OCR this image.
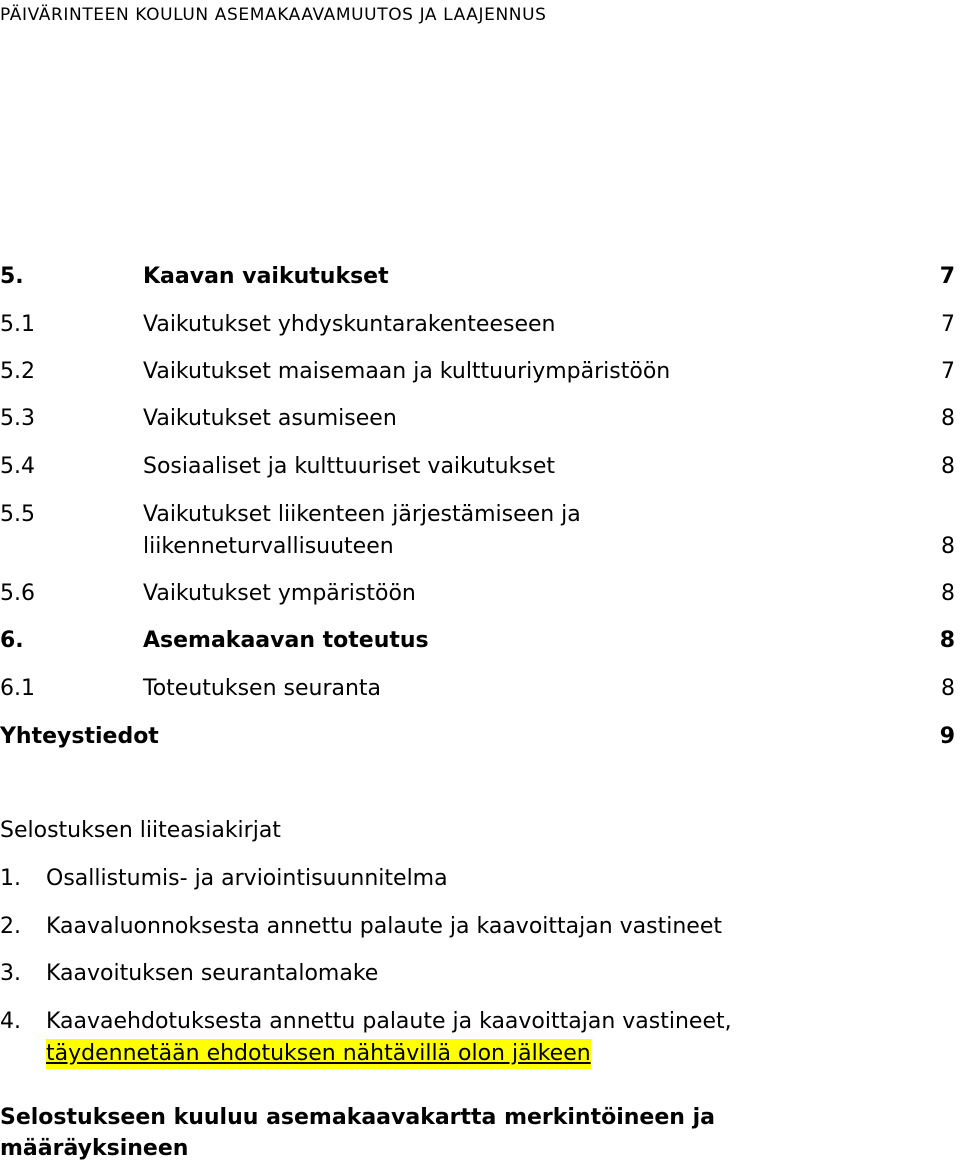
PÄIVÄRINTEEN KOULUN ASEMAKAAVAMUUTOS JA LAAJENNUS
5.	Kaavan vaikutukset	7
5.1	Vaikutukset yhdyskuntarakenteeseen	7
5.2	Vaikutukset maisemaan ja kulttuuriympäristöön	7
5.3	Vaikutukset asumiseen	8
5.4	Sosiaaliset ja kulttuuriset vaikutukset	8
5.5	Vaikutukset liikenteen järjestämiseen ja
liikenneturvallisuuteen	8
5.6	Vaikutukset ympäristöön	8
6.	Asemakaavan toteutus	8
6.1	Toteutuksen seuranta	8
Yhteystiedot	9
Selostuksen liiteasiakirjat
1. Osallistumis- ja arviointisuunnitelma
2. Kaavaluonnoksesta annettu palaute ja kaavoittajan vastineet
3. Kaavoituksen seurantalomake
4. Kaavaehdotuksesta annettu palaute ja kaavoittajan vastineet,
täydennetään ehdotuksen nähtävillä olon jälkeen
Selostukseen kuuluu asemakaavakartta merkintöineen ja
määräyksineen
